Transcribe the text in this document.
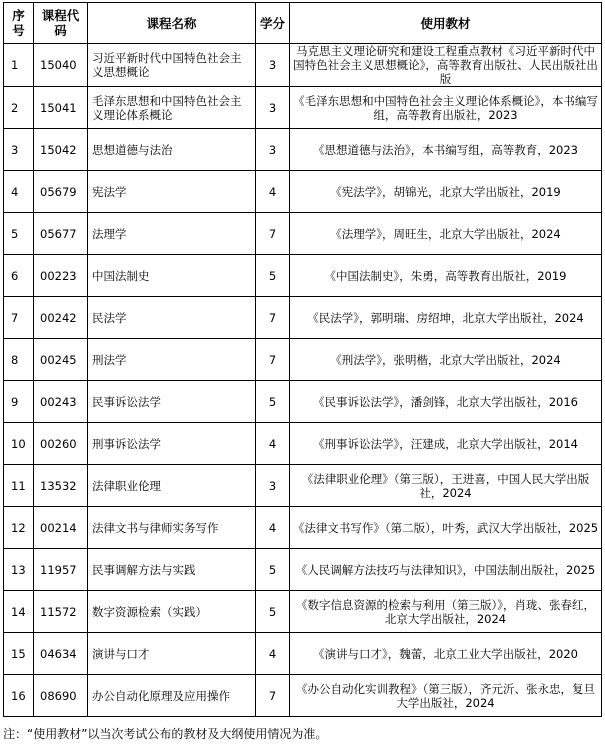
序号	课程代码	课程名称	学分	使用教材
1	15040	习近平新时代中国特色社会主义思想概论	3	马克思主义理论研究和建设工程重点教材《习近平新时代中国特色社会主义思想概论》，高等教育出版社、人民出版社出版
2	15041	毛泽东思想和中国特色社会主义理论体系概论	3	《毛泽东思想和中国特色社会主义理论体系概论》，本书编写组，高等教育出版社，2023
3	15042	思想道德与法治	3	《思想道德与法治》，本书编写组，高等教育，2023
4	05679	宪法学	4	《宪法学》，胡锦光，北京大学出版社，2019
5	05677	法理学	7	《法理学》，周旺生，北京大学出版社，2024
6	00223	中国法制史	5	《中国法制史》，朱勇，高等教育出版社，2019
7	00242	民法学	7	《民法学》，郭明瑞、房绍坤，北京大学出版社，2024
8	00245	刑法学	7	《刑法学》，张明楷，北京大学出版社，2024
9	00243	民事诉讼法学	5	《民事诉讼法学》，潘剑锋，北京大学出版社，2016
10	00260	刑事诉讼法学	4	《刑事诉讼法学》，汪建成，北京大学出版社，2014
11	13532	法律职业伦理	3	《法律职业伦理》（第三版），王进喜，中国人民大学出版社，2024
12	00214	法律文书与律师实务写作	4	《法律文书写作》（第二版），叶秀，武汉大学出版社，2025
13	11957	民事调解方法与实践	5	《人民调解方法技巧与法律知识》，中国法制出版社，2025
14	11572	数字资源检索（实践）	5	《数字信息资源的检索与利用（第三版）》，肖珑、张春红，北京大学出版社，2024
15	04634	演讲与口才	4	《演讲与口才》，魏蕾，北京工业大学出版社，2020
16	08690	办公自动化原理及应用操作	7	《办公自动化实训教程》（第三版），齐元沂、张永忠，复旦大学出版社，2024
注：“使用教材”以当次考试公布的教材及大纲使用情况为准。
